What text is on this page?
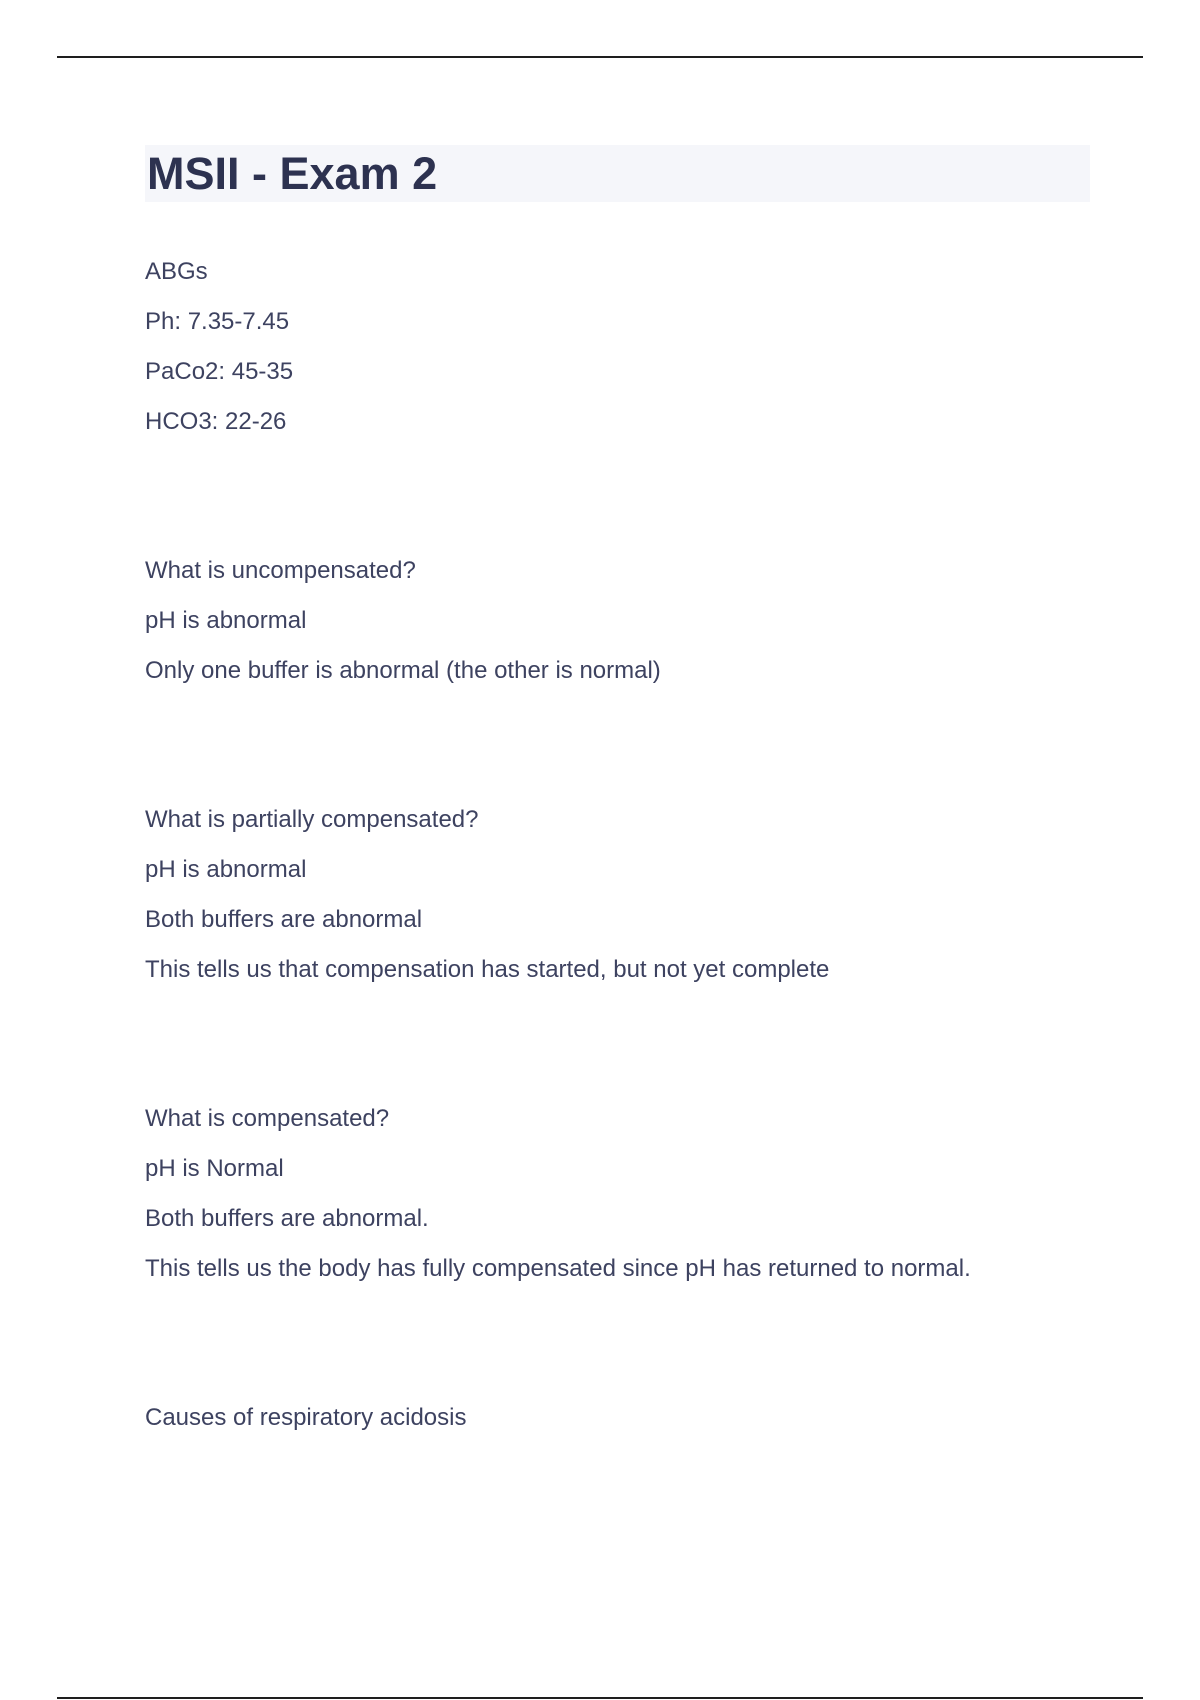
MSII - Exam 2
ABGs
Ph: 7.35-7.45
PaCo2: 45-35
HCO3: 22-26
What is uncompensated?
pH is abnormal
Only one buffer is abnormal (the other is normal)
What is partially compensated?
pH is abnormal
Both buffers are abnormal
This tells us that compensation has started, but not yet complete
What is compensated?
pH is Normal
Both buffers are abnormal.
This tells us the body has fully compensated since pH has returned to normal.
Causes of respiratory acidosis
